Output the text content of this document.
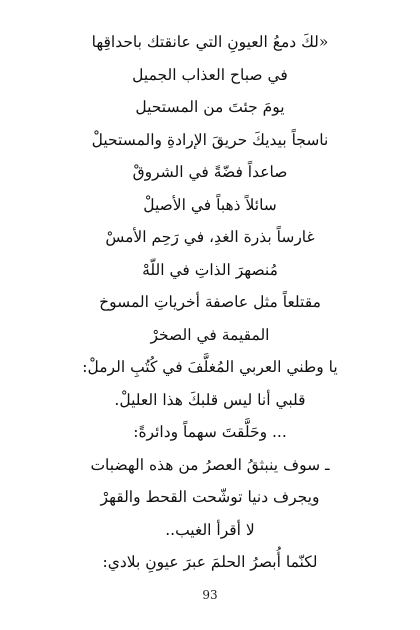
«لكَ دمعُ العيونِ التي عانقتك باحداقِها

في صباح العذاب الجميل

يومَ جئتَ من المستحيل

ناسجاً بيديكَ حريقَ الإرادةِ والمستحيلْ

صاعداً فضّةً في الشروقْ

سائلاً ذهباً في الأصيلْ

غارساً بذرة الغدِ، في رَحِم الأمسْ

مُنصهرَ الذاتِ في اللّهْ

مقتلعاً مثل عاصفة أخرياتِ المسوخ

المقيمة في الصخرْ

يا وطني العربي المُغلَّفَ في كُتُبِ الرملْ:

قلبي أنا ليس قلبكَ هذا العليلْ.

... وحَلَّقتَ سهماً ودائرةً:

ـ سوف ينبثقُ العصرُ من هذه الهضبات

ويجرف دنيا توشّحت القحط والقهرْ

لا أقرأ الغيب..

لكنّما أُبصرُ الحلمَ عبرَ عيونِ بلادي:

93
